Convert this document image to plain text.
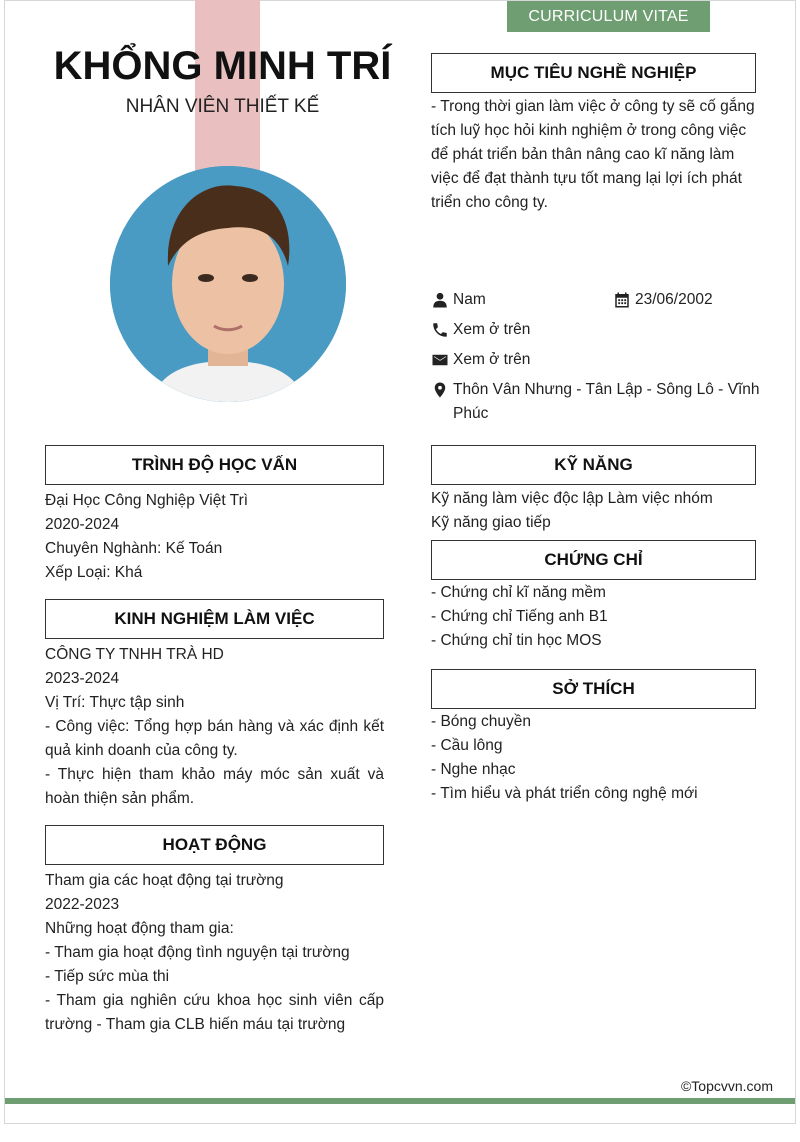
CURRICULUM VITAE
KHỔNG MINH TRÍ
NHÂN VIÊN THIẾT KẾ
MỤC TIÊU NGHỀ NGHIỆP
- Trong thời gian làm việc ở công ty sẽ cố gắng tích luỹ học hỏi kinh nghiệm ở trong công việc để phát triển bản thân nâng cao kĩ năng làm việc để đạt thành tựu tốt mang lại lợi ích phát triển cho công ty.
Nam	23/06/2002
Xem ở trên
Xem ở trên
Thôn Vân Nhưng - Tân Lập - Sông Lô - Vĩnh Phúc
TRÌNH ĐỘ HỌC VẤN
Đại Học Công Nghiệp Việt Trì
2020-2024
Chuyên Nghành: Kế Toán
Xếp Loại: Khá
KINH NGHIỆM LÀM VIỆC
CÔNG TY TNHH TRÀ HD
2023-2024
Vị Trí: Thực tập sinh
- Công việc: Tổng hợp bán hàng và xác định kết quả kinh doanh của công ty.
- Thực hiện tham khảo máy móc sản xuất và hoàn thiện sản phẩm.
HOẠT ĐỘNG
Tham gia các hoạt động tại trường
2022-2023
Những hoạt động tham gia:
- Tham gia hoạt động tình nguyện tại trường
- Tiếp sức mùa thi
- Tham gia nghiên cứu khoa học sinh viên cấp trường - Tham gia CLB hiến máu tại trường
KỸ NĂNG
Kỹ năng làm việc độc lập Làm việc nhóm
Kỹ năng giao tiếp
CHỨNG CHỈ
- Chứng chỉ kĩ năng mềm
- Chứng chỉ Tiếng anh B1
- Chứng chỉ tin học MOS
SỞ THÍCH
- Bóng chuyền
- Cầu lông
- Nghe nhạc
- Tìm hiểu và phát triển công nghệ mới
©Topcvvn.com
